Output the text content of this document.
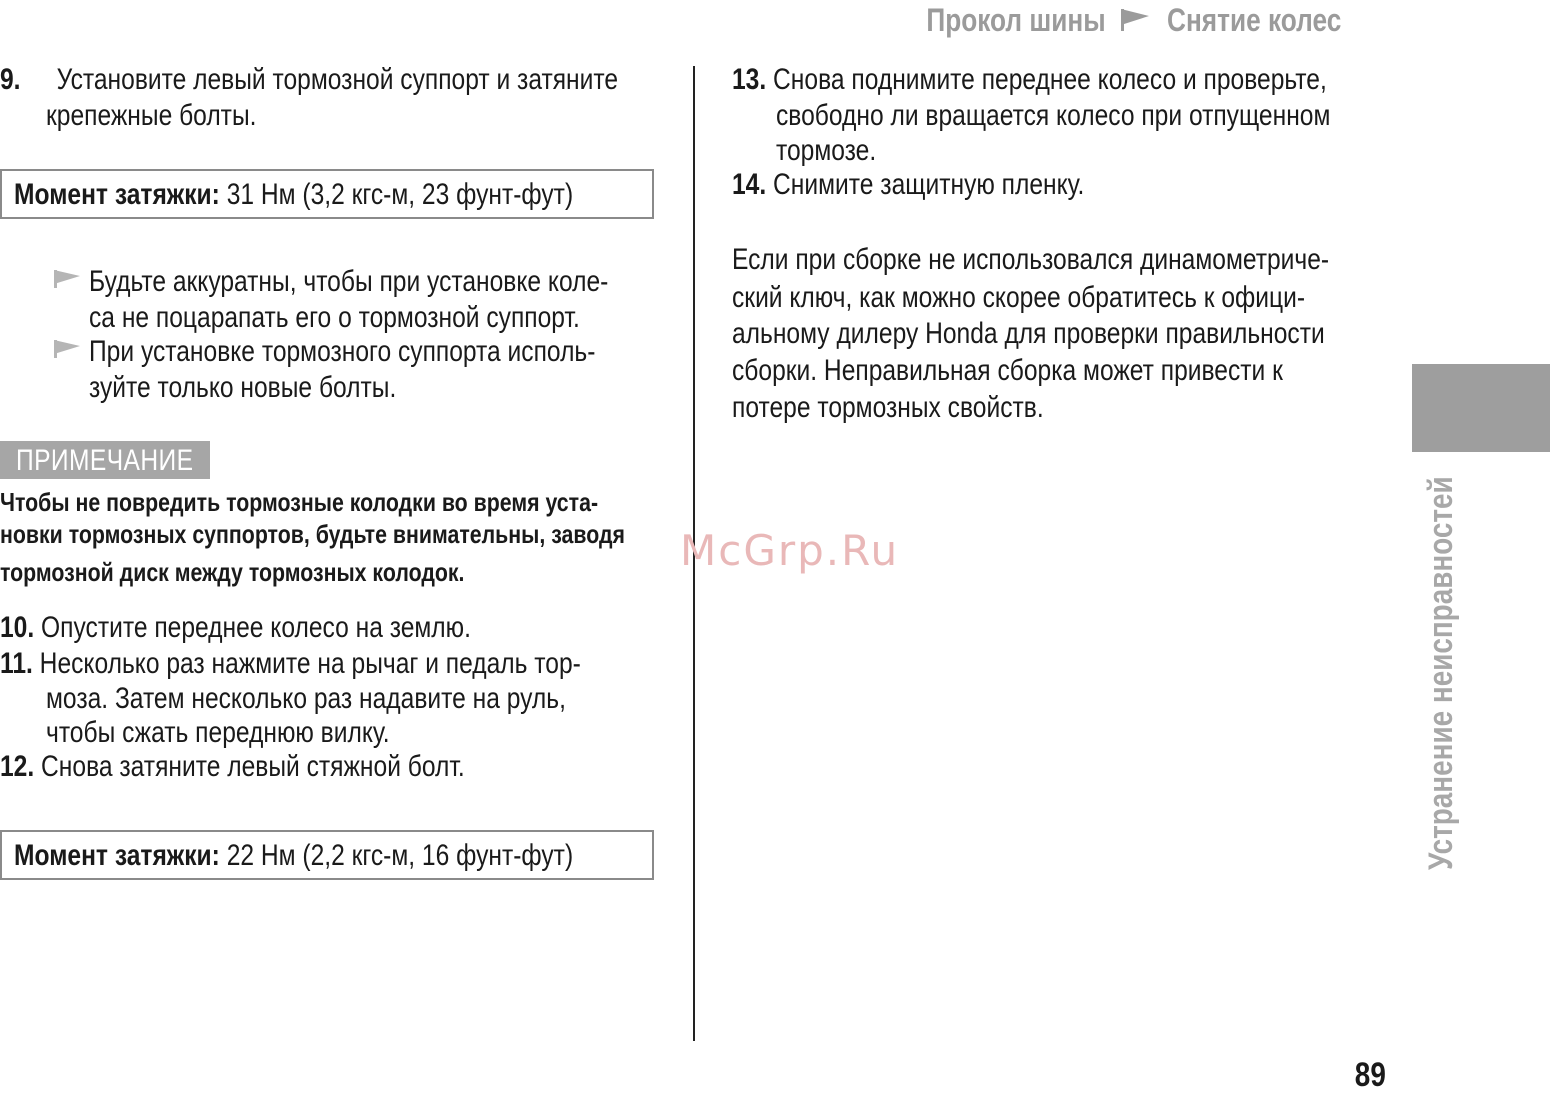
Прокол шины Снятие колес
9. Установите левый тормозной суппорт и затяните
крепежные болты.
Момент затяжки: 31 Нм (3,2 кгс-м, 23 фунт-фут)
Будьте аккуратны, чтобы при установке коле-
са не поцарапать его о тормозной суппорт.
При установке тормозного суппорта исполь-
зуйте только новые болты.
ПРИМЕЧАНИЕ
Чтобы не повредить тормозные колодки во время уста-
новки тормозных суппортов, будьте внимательны, заводя
тормозной диск между тормозных колодок.
10. Опустите переднее колесо на землю.
11. Несколько раз нажмите на рычаг и педаль тор-
моза. Затем несколько раз надавите на руль,
чтобы сжать переднюю вилку.
12. Снова затяните левый стяжной болт.
Момент затяжки: 22 Нм (2,2 кгс-м, 16 фунт-фут)
13. Снова поднимите переднее колесо и проверьте,
свободно ли вращается колесо при отпущенном
тормозе.
14. Снимите защитную пленку.
Если при сборке не использовался динамометриче-
ский ключ, как можно скорее обратитесь к офици-
альному дилеру Honda для проверки правильности
сборки. Неправильная сборка может привести к
потере тормозных свойств.
Устранение неисправностей
McGrp.Ru
89
